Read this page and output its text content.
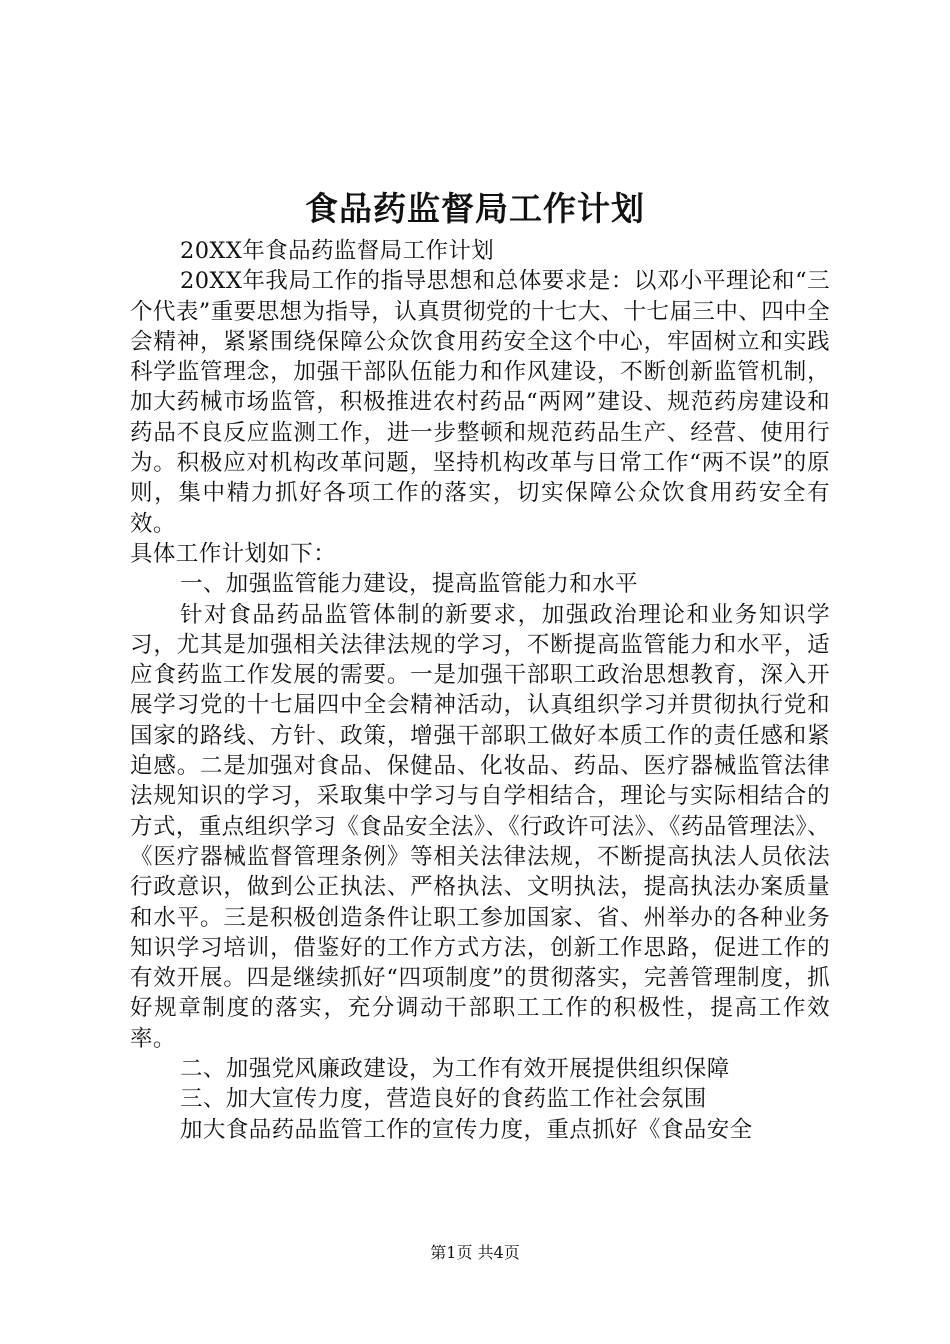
食品药监督局工作计划

20XX年食品药监督局工作计划

20XX年我局工作的指导思想和总体要求是：以邓小平理论和“三个代表”重要思想为指导，认真贯彻党的十七大、十七届三中、四中全会精神，紧紧围绕保障公众饮食用药安全这个中心，牢固树立和实践科学监管理念，加强干部队伍能力和作风建设，不断创新监管机制，加大药械市场监管，积极推进农村药品“两网”建设、规范药房建设和药品不良反应监测工作，进一步整顿和规范药品生产、经营、使用行为。积极应对机构改革问题，坚持机构改革与日常工作“两不误”的原则，集中精力抓好各项工作的落实，切实保障公众饮食用药安全有效。

具体工作计划如下：

一、加强监管能力建设，提高监管能力和水平

针对食品药品监管体制的新要求，加强政治理论和业务知识学习，尤其是加强相关法律法规的学习，不断提高监管能力和水平，适应食药监工作发展的需要。一是加强干部职工政治思想教育，深入开展学习党的十七届四中全会精神活动，认真组织学习并贯彻执行党和国家的路线、方针、政策，增强干部职工做好本质工作的责任感和紧迫感。二是加强对食品、保健品、化妆品、药品、医疗器械监管法律法规知识的学习，采取集中学习与自学相结合，理论与实际相结合的方式，重点组织学习《食品安全法》、《行政许可法》、《药品管理法》、《医疗器械监督管理条例》等相关法律法规，不断提高执法人员依法行政意识，做到公正执法、严格执法、文明执法，提高执法办案质量和水平。三是积极创造条件让职工参加国家、省、州举办的各种业务知识学习培训，借鉴好的工作方式方法，创新工作思路，促进工作的有效开展。四是继续抓好“四项制度”的贯彻落实，完善管理制度，抓好规章制度的落实，充分调动干部职工工作的积极性，提高工作效率。

二、加强党风廉政建设，为工作有效开展提供组织保障

三、加大宣传力度，营造良好的食药监工作社会氛围

加大食品药品监管工作的宣传力度，重点抓好《食品安全

第1页 共4页
